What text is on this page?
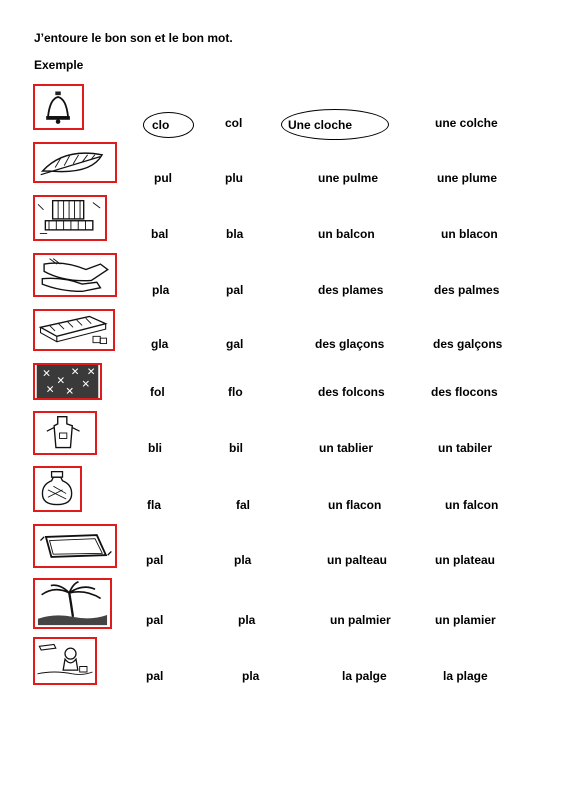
J’entoure le bon son et le bon mot.
Exemple
clo	col	Une cloche	une colche
pul	plu	une pulme	une plume
bal	bla	un balcon	un blacon
pla	pal	des plames	des palmes
gla	gal	des glaçons	des galçons
fol	flo	des folcons	des flocons
bli	bil	un tablier	un tabiler
fla	fal	un flacon	un falcon
pal	pla	un palteau	un plateau
pal	pla	un palmier	un plamier
pal	pla	la palge	la plage
